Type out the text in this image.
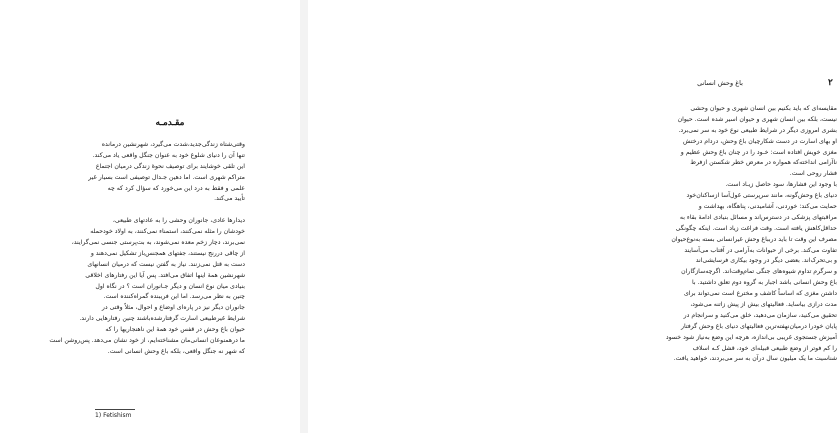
مقـدمـه

وقتی‌شتاه زندگی‌جدید،شدت می‌گیرد، شهرنشین درمانده

تنها ‌آن را دنیای شلوغ خود به عنوان جنگل واقعی یاد می‌کند.

این تلقی خوشایند برای توصیف نحوهٔ زندگی درمیان اجتماع

متراکم شهری است. اما دهین جـدال توصیفی است بسیار غیر

علمی و فقط به درد این می‌خورد که سؤال کرد که چه

تأیید می‌کند.

دیدارها عادی، جانوران وحشی را به عادتهای طبیعی،

خودشان را مثله نمی‌کنند، استمناء نمی‌کنند، به اولاد خودحمله

نمی‌برند، دچار زخم معده نمی‌شوند، به بت‌پرستی جنسی نمی‌گرایند،

از چاقی دررنج نیستند، جفتهای همجنس‌باز تشکیل نمی‌دهند و

دست به قتل نمی‌زنند. نیاز به گفتن نیست که درمیان انسانهای

شهرنشین همهٔ اینها اتفاق می‌افتد. پس آیا این رفتارهای اخلاقی

بنیادی میان نوع انسان و دیگر جـانوران است ؟ در نگاه اول

چنین به نظر می‌رسد. اما این فریبنده گمراه‌کننده است.

جانوران دیگر نیز در پاره‌ای اوضاع و احوال، مثلاً وقتی در

شرایط غیرطبیعی اسارت گرفتارشده‌باشند چنین رفتارهایی دارند.

حیوان باغ وحش در قفس خود همهٔ این ناهنجاریها را که

ما درهمنوعان انسانی‌مان مشناخته‌ایم، از خود نشان می‌دهد. پس‌روشن است

که شهر نه جنگل واقعی، بلکه باغ وحش انسانی است.

1) Fetishism
باغ وحش انسانی	۲

مقایسه‌ای که باید بکنیم بین انسان شهری و حیوان وحشی

نیست، بلکه بین انسان شهری و حیوان اسیر شده است. حیوان

بشری امروزی دیگر در شرایط طبیعی نوع خود به سر نمی‌برد.

او بهای اسارت در دست شکارچیان باغ وحش، دردام درختش

مغزی خویش افتاده است: خـود را در چنان باغ وحش عظیم و

ناآرامی انداخته‌که همواره در معرض خطر شکستن ازفرط

فشار روحی است.

با وجود این فشارها، سود حاصل زیـاد است.

دنیای باغ وحش‌گونه، مانند سرپرستی غول‌آسا ازساکنان‌خود

حمایت می‌کند: خوردنی، آشامیدنی، پناهگاه، بهداشت و

مراقبتهای پزشکی در دسترس‌اند و مسائل بنیادی ادامهٔ بقاء به

حداقل‌کاهش یافته است. وقت فراغت زیاد است. اینکه چگونگی

مصرف این وقت تا باید دربباغ وحش غیرانسانی بسته به‌نوع‌حیوان

تفاوت می‌کند. برخی از حیوانات به‌آرامی در آفتاب می‌آسایند

و بی‌تحرک‌اند. بعضی دیگر در وجود بیکاری فرسایشی‌اند

و سرگرم تداوم شیوه‌های جنگی تمام‌وقت‌اند. اگرچه‌سازگاران

باغ وحش انسانی باشد اجبار به گروه دوم تعلق داشتید. با

داشتن مغزی که اساساً کاشف و مخترع است نمی‌تواند برای

مدت درازی بیاساید. فعالیتهای بیش از پیش زاتنه می‌شود،

تحقیق می‌کنید، سازمان می‌دهید، خلق می‌کنید و سرانجام در

پایان خودرا درمیان‌نهفته‌ترین فعالیتهای دنیای باغ وحش گرفتار

آمیزش جستجوی غریبی بی‌اندازه، هرچه این وضع به‌نیاز شود خسود

را کم فوتر از وضع طبیعی قبیله‌ای خود، قشل کـه اسلاف

شناسیت ما یک میلیون سال درآن به سر می‌بردند، خواهید یافت.
